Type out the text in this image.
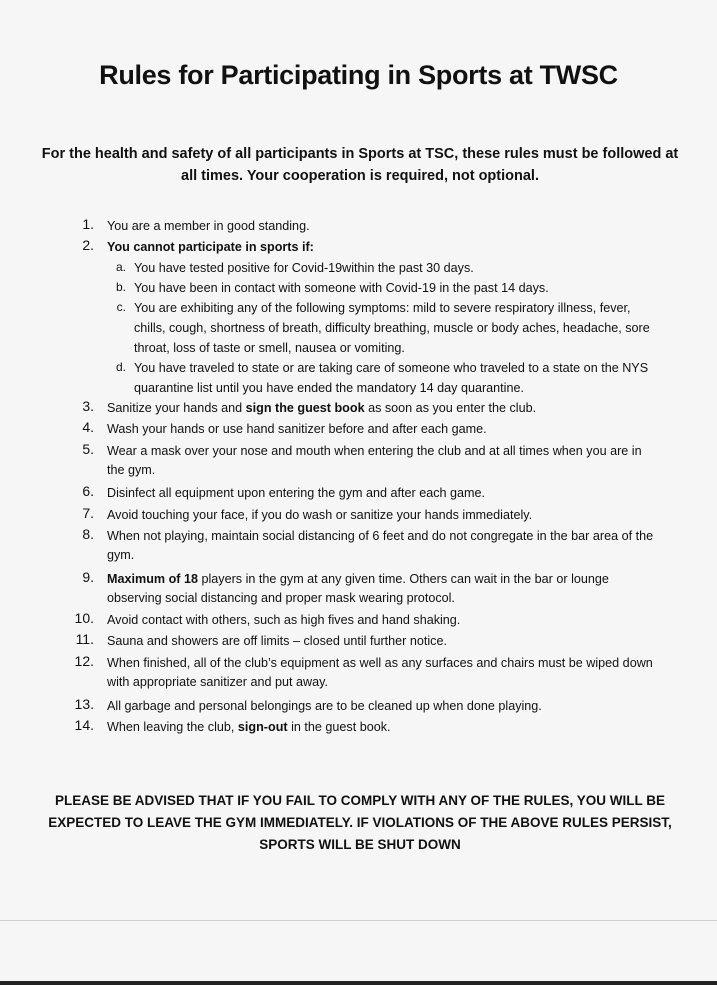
Rules for Participating in Sports at TWSC
For the health and safety of all participants in Sports at TSC, these rules must be followed at all times. Your cooperation is required, not optional.
1. You are a member in good standing.
2. You cannot participate in sports if:
a. You have tested positive for Covid-19within the past 30 days.
b. You have been in contact with someone with Covid-19 in the past 14 days.
c. You are exhibiting any of the following symptoms: mild to severe respiratory illness, fever, chills, cough, shortness of breath, difficulty breathing, muscle or body aches, headache, sore throat, loss of taste or smell, nausea or vomiting.
d. You have traveled to state or are taking care of someone who traveled to a state on the NYS quarantine list until you have ended the mandatory 14 day quarantine.
3. Sanitize your hands and sign the guest book as soon as you enter the club.
4. Wash your hands or use hand sanitizer before and after each game.
5. Wear a mask over your nose and mouth when entering the club and at all times when you are in the gym.
6. Disinfect all equipment upon entering the gym and after each game.
7. Avoid touching your face, if you do wash or sanitize your hands immediately.
8. When not playing, maintain social distancing of 6 feet and do not congregate in the bar area of the gym.
9. Maximum of 18 players in the gym at any given time. Others can wait in the bar or lounge observing social distancing and proper mask wearing protocol.
10. Avoid contact with others, such as high fives and hand shaking.
11. Sauna and showers are off limits – closed until further notice.
12. When finished, all of the club’s equipment as well as any surfaces and chairs must be wiped down with appropriate sanitizer and put away.
13. All garbage and personal belongings are to be cleaned up when done playing.
14. When leaving the club, sign-out in the guest book.
PLEASE BE ADVISED THAT IF YOU FAIL TO COMPLY WITH ANY OF THE RULES, YOU WILL BE EXPECTED TO LEAVE THE GYM IMMEDIATELY. IF VIOLATIONS OF THE ABOVE RULES PERSIST, SPORTS WILL BE SHUT DOWN
